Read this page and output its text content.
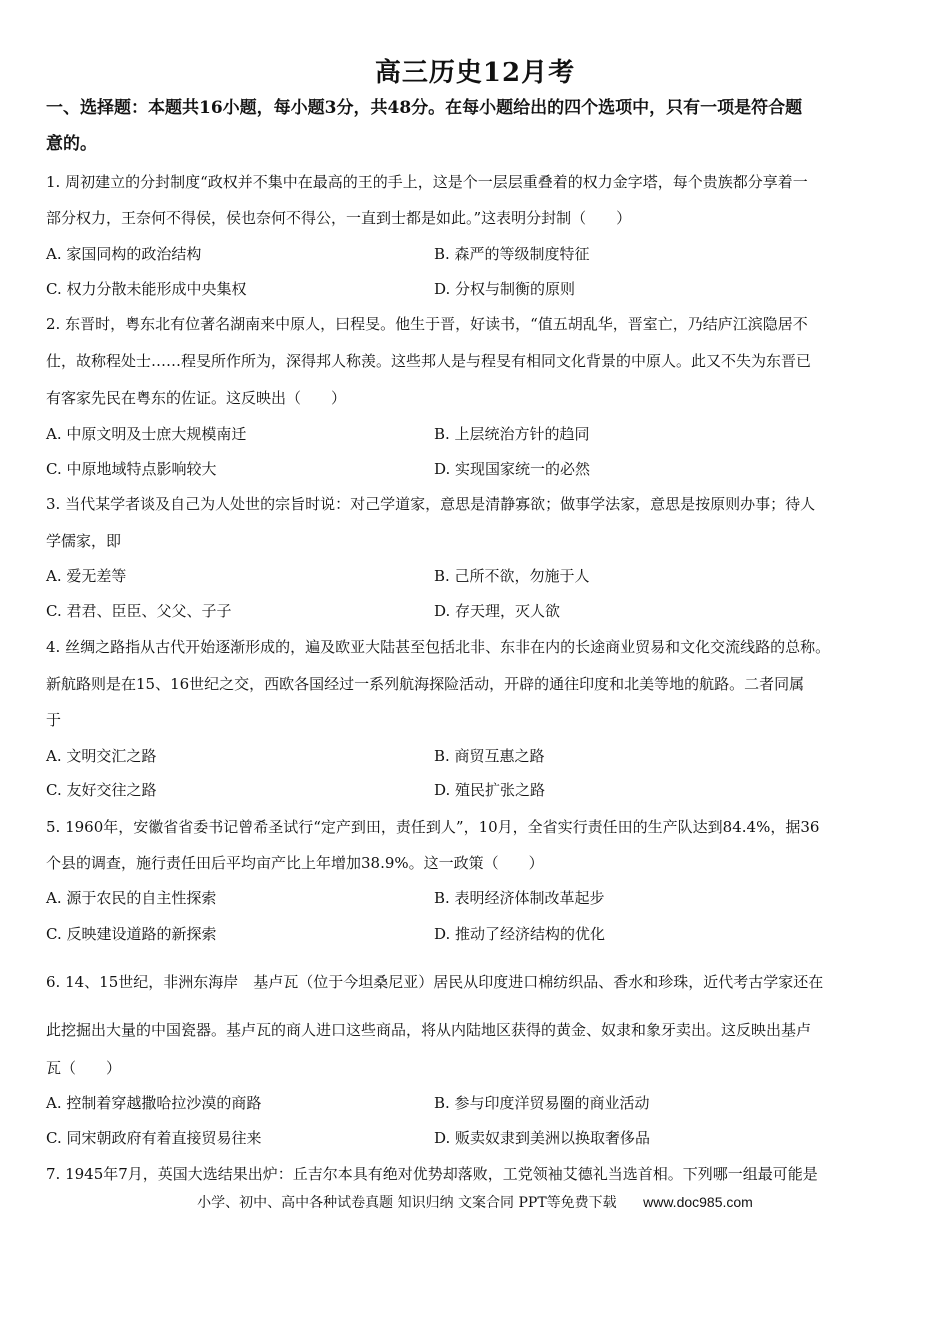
高三历史12月考
一、选择题：本题共16小题，每小题3分，共48分。在每小题给出的四个选项中，只有一项是符合题
意的。
1. 周初建立的分封制度“政权并不集中在最高的王的手上，这是个一层层重叠着的权力金字塔，每个贵族都分享着一
部分权力，王奈何不得侯，侯也奈何不得公，一直到士都是如此。”这表明分封制（　　）
A. 家国同构的政治结构	B. 森严的等级制度特征
C. 权力分散未能形成中央集权	D. 分权与制衡的原则
2. 东晋时，粤东北有位著名湖南来中原人，曰程旻。他生于晋，好读书，“值五胡乱华，晋室亡，乃结庐江滨隐居不
仕，故称程处士……程旻所作所为，深得邦人称羡。这些邦人是与程旻有相同文化背景的中原人。此又不失为东晋已
有客家先民在粤东的佐证。这反映出（　　）
A. 中原文明及士庶大规模南迁	B. 上层统治方针的趋同
C. 中原地域特点影响较大	D. 实现国家统一的必然
3. 当代某学者谈及自己为人处世的宗旨时说：对己学道家，意思是清静寡欲；做事学法家，意思是按原则办事；待人
学儒家，即
A. 爱无差等	B. 己所不欲，勿施于人
C. 君君、臣臣、父父、子子	D. 存天理，灭人欲
4. 丝绸之路指从古代开始逐渐形成的，遍及欧亚大陆甚至包括北非、东非在内的长途商业贸易和文化交流线路的总称。
新航路则是在15、16世纪之交，西欧各国经过一系列航海探险活动，开辟的通往印度和北美等地的航路。二者同属
于
A. 文明交汇之路	B. 商贸互惠之路
C. 友好交往之路	D. 殖民扩张之路
5. 1960年，安徽省省委书记曾希圣试行“定产到田，责任到人”，10月，全省实行责任田的生产队达到84.4%，据36
个县的调查，施行责任田后平均亩产比上年增加38.9%。这一政策（　　）
A. 源于农民的自主性探索	B. 表明经济体制改革起步
C. 反映建设道路的新探索	D. 推动了经济结构的优化
6. 14、15世纪，非洲东海岸　基卢瓦（位于今坦桑尼亚）居民从印度进口棉纺织品、香水和珍珠，近代考古学家还在
此挖掘出大量的中国瓷器。基卢瓦的商人进口这些商品，将从内陆地区获得的黄金、奴隶和象牙卖出。这反映出基卢
瓦（　　）
A. 控制着穿越撒哈拉沙漠的商路	B. 参与印度洋贸易圈的商业活动
C. 同宋朝政府有着直接贸易往来	D. 贩卖奴隶到美洲以换取奢侈品
7. 1945年7月，英国大选结果出炉：丘吉尔本具有绝对优势却落败，工党领袖艾德礼当选首相。下列哪一组最可能是
小学、初中、高中各种试卷真题 知识归纳 文案合同 PPT等免费下载 www.doc985.com
